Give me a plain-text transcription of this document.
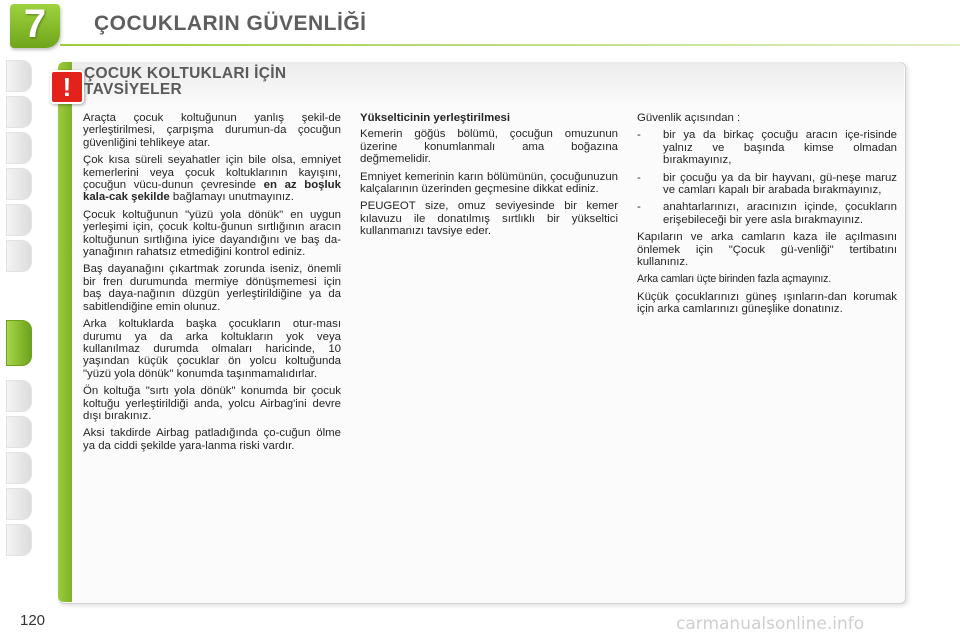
7	ÇOCUKLARIN GÜVENLİĞİ
! ÇOCUK KOLTUKLARI İÇİN
TAVSİYELER

Araçta çocuk koltuğunun yanlış şekil-de yerleştirilmesi, çarpışma durumun-da çocuğun güvenliğini tehlikeye atar.

Çok kısa süreli seyahatler için bile olsa, emniyet kemerlerini veya çocuk koltuklarının kayışını, çocuğun vücu-dunun çevresinde en az boşluk kala-cak şekilde bağlamayı unutmayınız.

Çocuk koltuğunun "yüzü yola dönük" en uygun yerleşimi için, çocuk koltu-ğunun sırtlığının aracın koltuğunun sırtlığına iyice dayandığını ve baş da-yanağının rahatsız etmediğini kontrol ediniz.

Baş dayanağını çıkartmak zorunda iseniz, önemli bir fren durumunda mermiye dönüşmemesi için baş daya-nağının düzgün yerleştirildiğine ya da sabitlendiğine emin olunuz.

Arka koltuklarda başka çocukların otur-ması durumu ya da arka koltukların yok veya kullanılmaz durumda olmaları haricinde, 10 yaşından küçük çocuklar ön yolcu koltuğunda "yüzü yola dönük" konumda taşınmamalıdırlar.

Ön koltuğa "sırtı yola dönük" konumda bir çocuk koltuğu yerleştirildiği anda, yolcu Airbag'ini devre dışı bırakınız.

Aksi takdirde Airbag patladığında ço-cuğun ölme ya da ciddi şekilde yara-lanma riski vardır.

Yükselticinin yerleştirilmesi

Kemerin göğüs bölümü, çocuğun omuzunun üzerine konumlanmalı ama boğazına değmemelidir.

Emniyet kemerinin karın bölümünün, çocuğunuzun kalçalarının üzerinden geçmesine dikkat ediniz.

PEUGEOT size, omuz seviyesinde bir kemer kılavuzu ile donatılmış sırtlıklı bir yükseltici kullanmanızı tavsiye eder.

Güvenlik açısından :

-	bir ya da birkaç çocuğu aracın içe-risinde yalnız ve başında kimse olmadan bırakmayınız,
-	bir çocuğu ya da bir hayvanı, gü-neşe maruz ve camları kapalı bir arabada bırakmayınız,
-	anahtarlarınızı, aracınızın içinde, çocukların erişebileceği bir yere asla bırakmayınız.

Kapıların ve arka camların kaza ile açılmasını önlemek için "Çocuk gü-venliği" tertibatını kullanınız.

Arka camları üçte birinden fazla açmayınız.

Küçük çocuklarınızı güneş ışınların-dan korumak için arka camlarınızı güneşlike donatınız.

120	carmanualsonline.info
